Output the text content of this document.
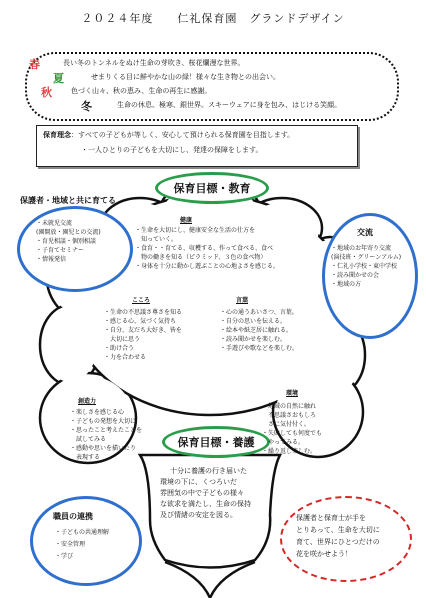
２０２４年度　　仁礼保育園　グランドデザイン
春	長い冬のトンネルをぬけ生命の芽吹き、桜花爛漫な世界。
夏	せまりくる目に鮮やかな山の緑！様々な生き物との出会い。
秋	色づく山々、秋の恵み、生命の再生に感謝。
冬	生命の休息。極寒、銀世界。スキーウェアに身を包み、はじける笑顔。
保育理念：すべての子どもが等しく、安心して預けられる保育園を目指します。
・一人ひとりの子どもを大切にし、発達の保障をします。
保護者・地域と共に育てる
・未就児交流
(園開放・園児との交流)
・育児相談・個別相談
・子育てセミナー
・情報発信
交流
・地域のお年寄り交流
(演技班・グリーンアルム)
・仁礼小学校・東中学校
・読み聞かせの会
・地域の方
保育目標・教育
保育目標・養護
健康
・生命を大切にし、健康安全な生活の仕方を
　知っていく。
・食育・・育てる、収穫する、作って食べる、食べ
　物の働きを知る（ピラミッド、３色の食べ物）
・身体を十分に動かし遊ぶことの心地よさを感じる。
こころ
・生命の不思議さ尊さを知る
・感じる心、気づく気持ち
・自分、友だち大好き、皆を
　大切に思う
・助け合う
・力を合わせる
言葉
・心の通うあいさつ、言葉。
・自分の思いを伝える。
・絵本や紙芝居に触れる。
・読み聞かせを楽しむ。
・手遊びや歌などを楽しむ。
創造力
・楽しさを感じる心
・子どもの発想を大切に
・思ったこと考えたことを
　試してみる
・感動や思いを描いたり
　表現する
環境
・地域の自然に触れ
　不思議さおもしろ
　さに気付付く。
・失敗しても何度でも
　やってみる。
・繰り返し楽しむ。
十分に養護の行き届いた
環境の下に、くつろいだ
雰囲気の中で子どもの様々
な欲求を満たし、生命の保持
及び情緒の安定を図る。
職員の連携
・子どもの共通理解
・安全管理
・学び
保護者と保育士が手を
とりあって、生命を大切に
育て、世界にひとつだけの
花を咲かせよう！
